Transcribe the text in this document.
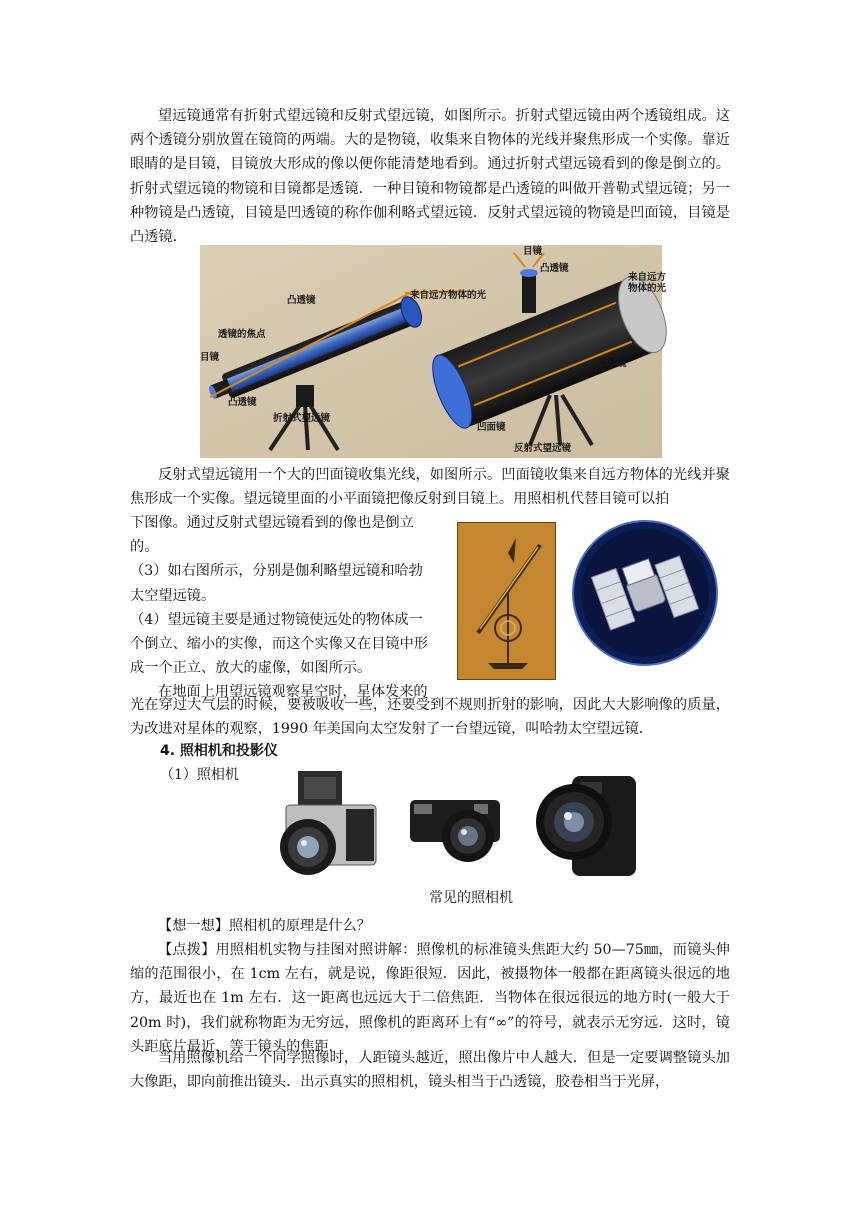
望远镜通常有折射式望远镜和反射式望远镜，如图所示。折射式望远镜由两个透镜组成。这两个透镜分别放置在镜筒的两端。大的是物镜，收集来自物体的光线并聚焦形成一个实像。靠近眼睛的是目镜，目镜放大形成的像以便你能清楚地看到。通过折射式望远镜看到的像是倒立的。折射式望远镜的物镜和目镜都是透镜．一种目镜和物镜都是凸透镜的叫做开普勒式望远镜；另一种物镜是凸透镜，目镜是凹透镜的称作伽利略式望远镜．反射式望远镜的物镜是凹面镜，目镜是凸透镜．

凸透镜	来自远方物体的光
透镜的焦点
目镜
凸透镜
折射式望远镜
目镜
凸透镜
来自远方
物体的光
平面镜
凹面镜
反射式望远镜

反射式望远镜用一个大的凹面镜收集光线，如图所示。凹面镜收集来自远方物体的光线并聚焦形成一个实像。望远镜里面的小平面镜把像反射到目镜上。用照相机代替目镜可以拍

下图像。通过反射式望远镜看到的像也是倒立
的。
（3）如右图所示，分别是伽利略望远镜和哈勃
太空望远镜。
（4）望远镜主要是通过物镜使远处的物体成一
个倒立、缩小的实像，而这个实像又在目镜中形
成一个正立、放大的虚像，如图所示。
在地面上用望远镜观察星空时，星体发来的

光在穿过大气层的时候，要被吸收一些，还要受到不规则折射的影响，因此大大影响像的质量，为改进对星体的观察，1990 年美国向太空发射了一台望远镜，叫哈勃太空望远镜．

4. 照相机和投影仪
（1）照相机
常见的照相机

【想一想】照相机的原理是什么？

【点拨】用照相机实物与挂图对照讲解：照像机的标准镜头焦距大约 50—75㎜，而镜头伸缩的范围很小，在 1cm 左右，就是说，像距很短．因此，被摄物体一般都在距离镜头很远的地方，最近也在 1m 左右．这一距离也远远大于二倍焦距．当物体在很远很远的地方时(一般大于 20m 时)，我们就称物距为无穷远，照像机的距离环上有“∞”的符号，就表示无穷远．这时，镜头距底片最近，等于镜头的焦距．

当用照像机给一个同学照像时，人距镜头越近，照出像片中人越大．但是一定要调整镜头加大像距，即向前推出镜头．出示真实的照相机，镜头相当于凸透镜，胶卷相当于光屏，
